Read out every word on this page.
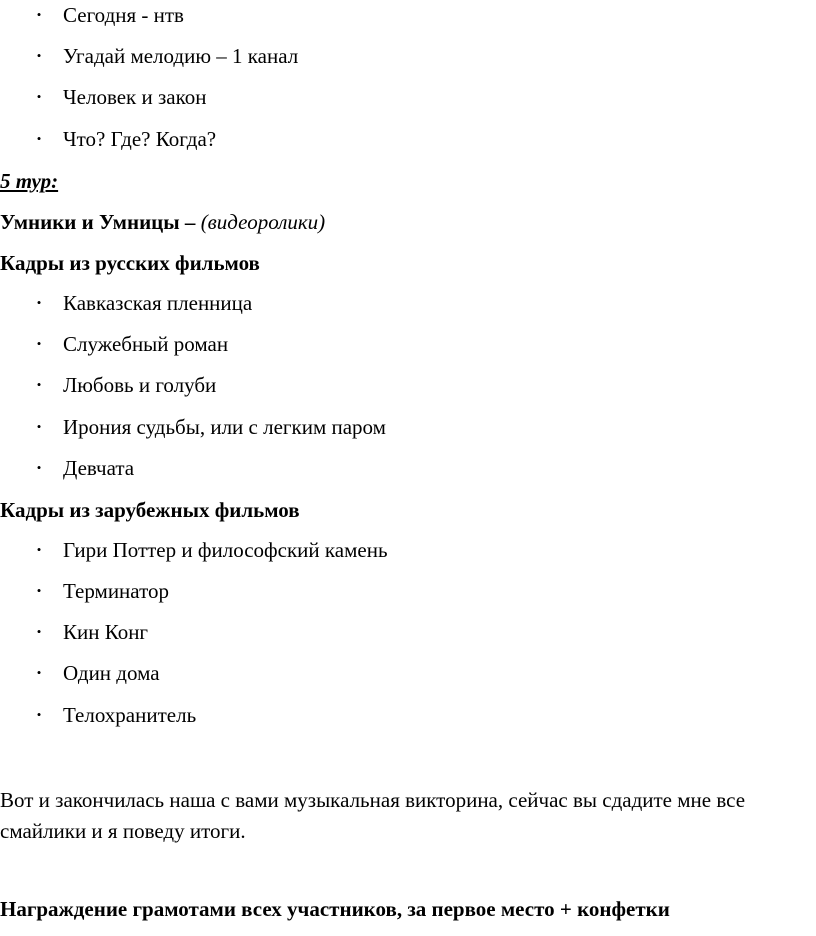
•	Сегодня - нтв
•	Угадай мелодию – 1 канал
•	Человек и закон
•	Что? Где? Когда?
5 тур:
Умники и Умницы – (видеоролики)
Кадры из русских фильмов
•	Кавказская пленница
•	Служебный роман
•	Любовь и голуби
•	Ирония судьбы, или с легким паром
•	Девчата
Кадры из зарубежных фильмов
•	Гири Поттер и философский камень
•	Терминатор
•	Кин Конг
•	Один дома
•	Телохранитель
Вот и закончилась наша с вами музыкальная викторина, сейчас вы сдадите мне все смайлики и я поведу итоги.
Награждение грамотами всех участников, за первое место + конфетки
